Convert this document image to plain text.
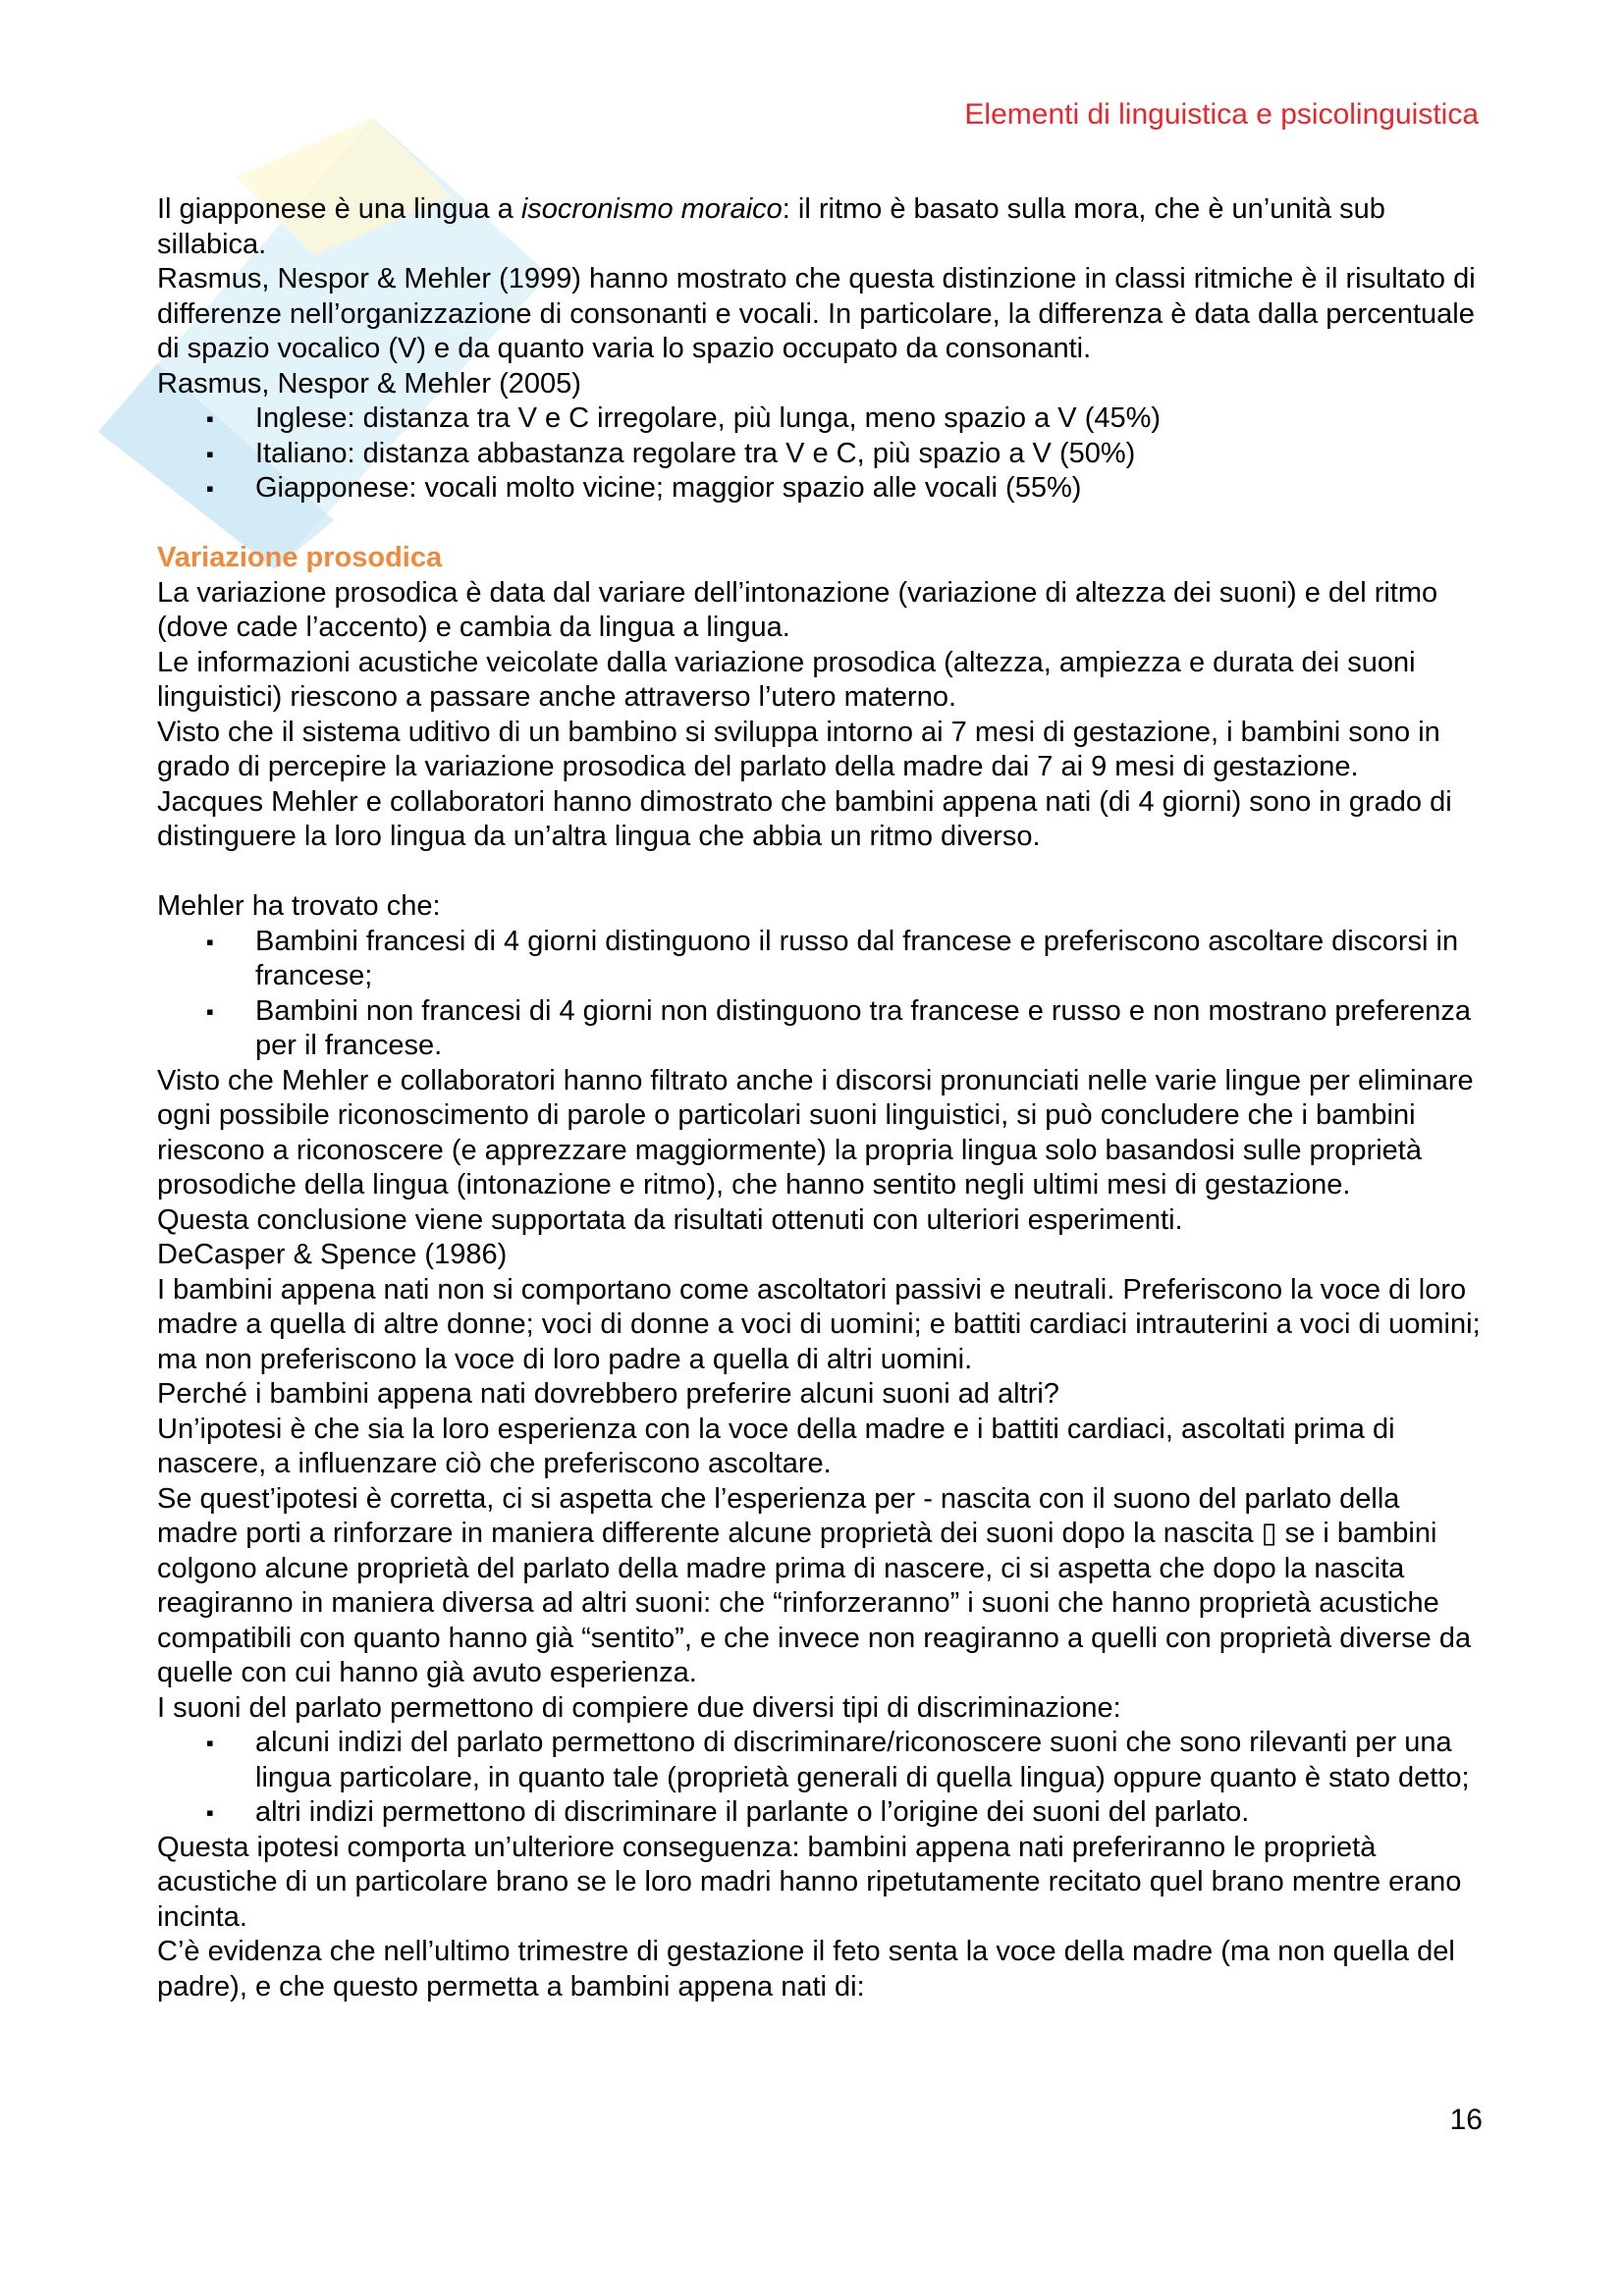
Elementi di linguistica e psicolinguistica

Il giapponese è una lingua a isocronismo moraico: il ritmo è basato sulla mora, che è un’unità sub sillabica.

Rasmus, Nespor & Mehler (1999) hanno mostrato che questa distinzione in classi ritmiche è il risultato di differenze nell’organizzazione di consonanti e vocali. In particolare, la differenza è data dalla percentuale di spazio vocalico (V) e da quanto varia lo spazio occupato da consonanti.

Rasmus, Nespor & Mehler (2005)

▪ Inglese: distanza tra V e C irregolare, più lunga, meno spazio a V (45%)
▪ Italiano: distanza abbastanza regolare tra V e C, più spazio a V (50%)
▪ Giapponese: vocali molto vicine; maggior spazio alle vocali (55%)

Variazione prosodica

La variazione prosodica è data dal variare dell’intonazione (variazione di altezza dei suoni) e del ritmo (dove cade l’accento) e cambia da lingua a lingua.

Le informazioni acustiche veicolate dalla variazione prosodica (altezza, ampiezza e durata dei suoni linguistici) riescono a passare anche attraverso l’utero materno.

Visto che il sistema uditivo di un bambino si sviluppa intorno ai 7 mesi di gestazione, i bambini sono in grado di percepire la variazione prosodica del parlato della madre dai 7 ai 9 mesi di gestazione.

Jacques Mehler e collaboratori hanno dimostrato che bambini appena nati (di 4 giorni) sono in grado di distinguere la loro lingua da un’altra lingua che abbia un ritmo diverso.

Mehler ha trovato che:

▪ Bambini francesi di 4 giorni distinguono il russo dal francese e preferiscono ascoltare discorsi in francese;
▪ Bambini non francesi di 4 giorni non distinguono tra francese e russo e non mostrano preferenza per il francese.

Visto che Mehler e collaboratori hanno filtrato anche i discorsi pronunciati nelle varie lingue per eliminare ogni possibile riconoscimento di parole o particolari suoni linguistici, si può concludere che i bambini riescono a riconoscere (e apprezzare maggiormente) la propria lingua solo basandosi sulle proprietà prosodiche della lingua (intonazione e ritmo), che hanno sentito negli ultimi mesi di gestazione.

Questa conclusione viene supportata da risultati ottenuti con ulteriori esperimenti.

DeCasper & Spence (1986)

I bambini appena nati non si comportano come ascoltatori passivi e neutrali. Preferiscono la voce di loro madre a quella di altre donne; voci di donne a voci di uomini; e battiti cardiaci intrauterini a voci di uomini; ma non preferiscono la voce di loro padre a quella di altri uomini.

Perché i bambini appena nati dovrebbero preferire alcuni suoni ad altri?

Un’ipotesi è che sia la loro esperienza con la voce della madre e i battiti cardiaci, ascoltati prima di nascere, a influenzare ciò che preferiscono ascoltare.

Se quest’ipotesi è corretta, ci si aspetta che l’esperienza per - nascita con il suono del parlato della madre porti a rinforzare in maniera differente alcune proprietà dei suoni dopo la nascita ▯ se i bambini colgono alcune proprietà del parlato della madre prima di nascere, ci si aspetta che dopo la nascita reagiranno in maniera diversa ad altri suoni: che “rinforzeranno” i suoni che hanno proprietà acustiche compatibili con quanto hanno già “sentito”, e che invece non reagiranno a quelli con proprietà diverse da quelle con cui hanno già avuto esperienza.

I suoni del parlato permettono di compiere due diversi tipi di discriminazione:

▪ alcuni indizi del parlato permettono di discriminare/riconoscere suoni che sono rilevanti per una lingua particolare, in quanto tale (proprietà generali di quella lingua) oppure quanto è stato detto;
▪ altri indizi permettono di discriminare il parlante o l’origine dei suoni del parlato.

Questa ipotesi comporta un’ulteriore conseguenza: bambini appena nati preferiranno le proprietà acustiche di un particolare brano se le loro madri hanno ripetutamente recitato quel brano mentre erano incinta.

C’è evidenza che nell’ultimo trimestre di gestazione il feto senta la voce della madre (ma non quella del padre), e che questo permetta a bambini appena nati di:

16
